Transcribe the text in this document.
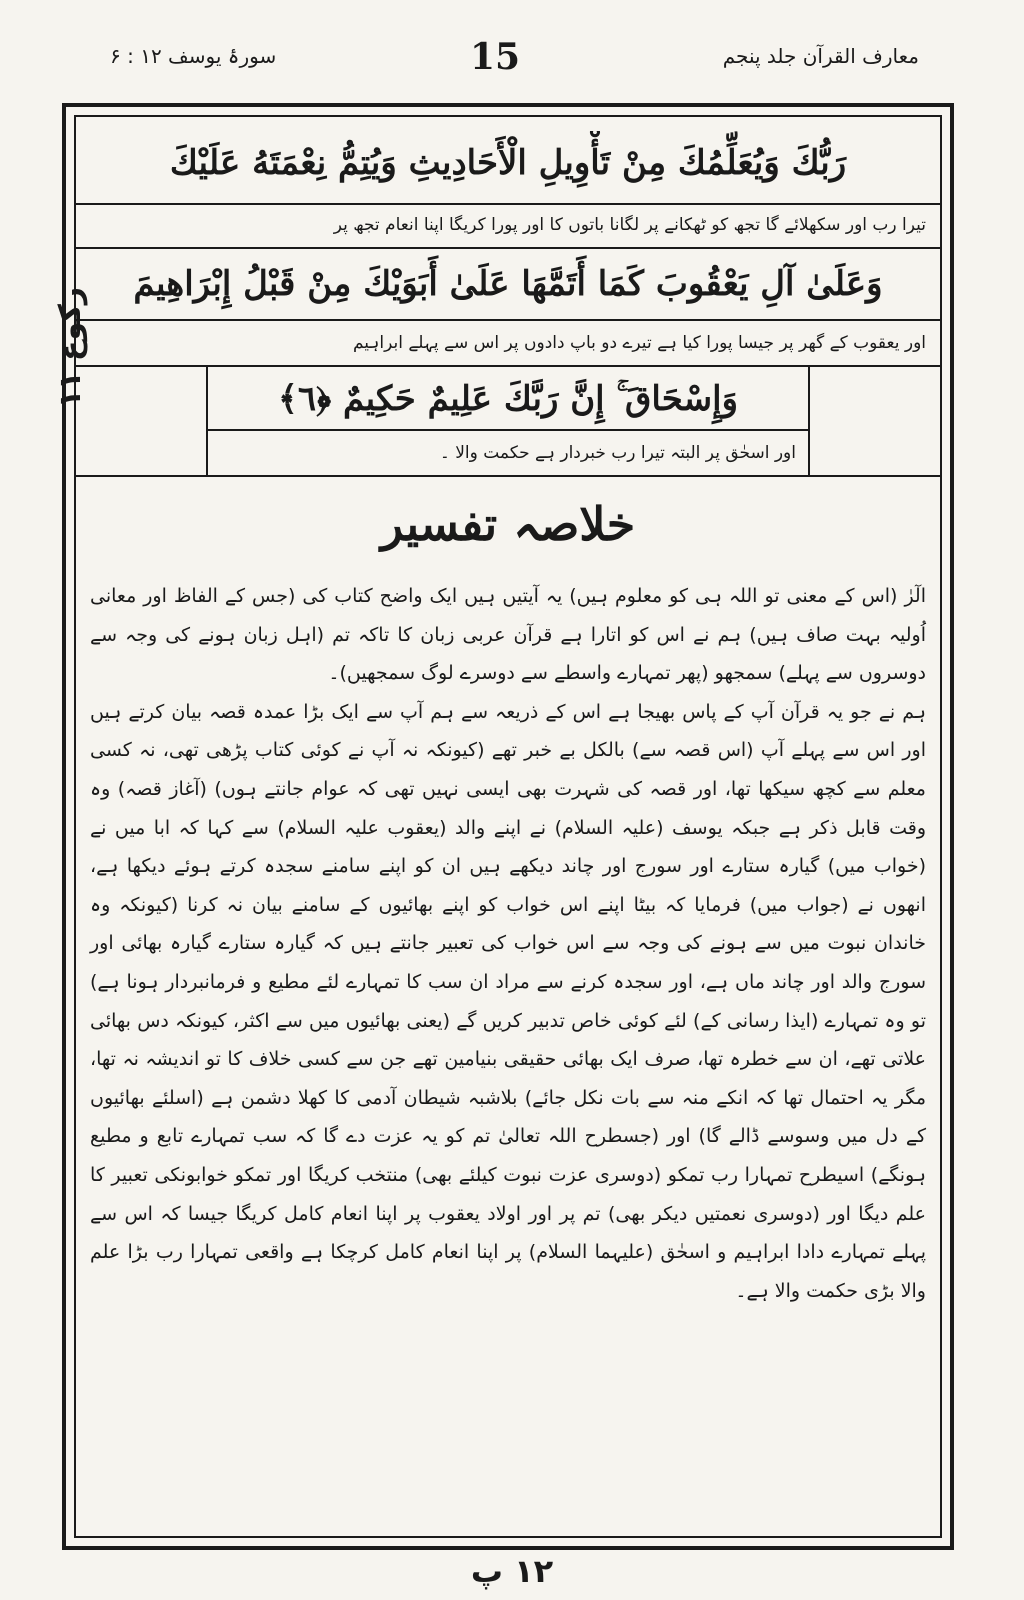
سورۂ یوسف ۱۲ : ۶	15	معارف القرآن جلد پنجم
رکوع ۱۱
رَبُّكَ وَيُعَلِّمُكَ مِنْ تَأْوِيلِ الْأَحَادِيثِ وَيُتِمُّ نِعْمَتَهُ عَلَيْكَ
تیرا رب اور سکھلائے گا تجھ کو ٹھکانے پر لگانا باتوں کا اور پورا کریگا اپنا انعام تجھ پر
وَعَلَىٰ آلِ يَعْقُوبَ كَمَا أَتَمَّهَا عَلَىٰ أَبَوَيْكَ مِنْ قَبْلُ إِبْرَاهِيمَ
اور یعقوب کے گھر پر جیسا پورا کیا ہے تیرے دو باپ دادوں پر اس سے پہلے ابراہیم
وَإِسْحَاقَ ۚ إِنَّ رَبَّكَ عَلِيمٌ حَكِيمٌ ﴿٦﴾
اور اسحٰق پر البتہ تیرا رب خبردار ہے حکمت والا ۔
خلاصہ تفسیر

الٓرٰ (اس کے معنی تو اللہ ہی کو معلوم ہیں) یہ آیتیں ہیں ایک واضح کتاب کی (جس کے الفاظ اور معانی اُولیہ بہت صاف ہیں) ہم نے اس کو اتارا ہے قرآن عربی زبان کا تاکہ تم (اہل زبان ہونے کی وجہ سے دوسروں سے پہلے) سمجھو (پھر تمہارے واسطے سے دوسرے لوگ سمجھیں)۔

ہم نے جو یہ قرآن آپ کے پاس بھیجا ہے اس کے ذریعہ سے ہم آپ سے ایک بڑا عمدہ قصہ بیان کرتے ہیں اور اس سے پہلے آپ (اس قصہ سے) بالکل بے خبر تھے (کیونکہ نہ آپ نے کوئی کتاب پڑھی تھی، نہ کسی معلم سے کچھ سیکھا تھا، اور قصہ کی شہرت بھی ایسی نہیں تھی کہ عوام جانتے ہوں) (آغاز قصہ) وہ وقت قابل ذکر ہے جبکہ یوسف (علیہ السلام) نے اپنے والد (یعقوب علیہ السلام) سے کہا کہ ابا میں نے (خواب میں) گیارہ ستارے اور سورج اور چاند دیکھے ہیں ان کو اپنے سامنے سجدہ کرتے ہوئے دیکھا ہے، انھوں نے (جواب میں) فرمایا کہ بیٹا اپنے اس خواب کو اپنے بھائیوں کے سامنے بیان نہ کرنا (کیونکہ وہ خاندان نبوت میں سے ہونے کی وجہ سے اس خواب کی تعبیر جانتے ہیں کہ گیارہ ستارے گیارہ بھائی اور سورج والد اور چاند ماں ہے، اور سجدہ کرنے سے مراد ان سب کا تمہارے لئے مطیع و فرمانبردار ہونا ہے) تو وہ تمہارے (ایذا رسانی کے) لئے کوئی خاص تدبیر کریں گے (یعنی بھائیوں میں سے اکثر، کیونکہ دس بھائی علاتی تھے، ان سے خطرہ تھا، صرف ایک بھائی حقیقی بنیامین تھے جن سے کسی خلاف کا تو اندیشہ نہ تھا، مگر یہ احتمال تھا کہ انکے منہ سے بات نکل جائے) بلاشبہ شیطان آدمی کا کھلا دشمن ہے (اسلئے بھائیوں کے دل میں وسوسے ڈالے گا) اور (جسطرح اللہ تعالیٰ تم کو یہ عزت دے گا کہ سب تمہارے تابع و مطیع ہونگے) اسیطرح تمہارا رب تمکو (دوسری عزت نبوت کیلئے بھی) منتخب کریگا اور تمکو خوابونکی تعبیر کا علم دیگا اور (دوسری نعمتیں دیکر بھی) تم پر اور اولاد یعقوب پر اپنا انعام کامل کریگا جیسا کہ اس سے پہلے تمہارے دادا ابراہیم و اسحٰق (علیہما السلام) پر اپنا انعام کامل کرچکا ہے واقعی تمہارا رب بڑا علم والا بڑی حکمت والا ہے۔

۱۲ پ
